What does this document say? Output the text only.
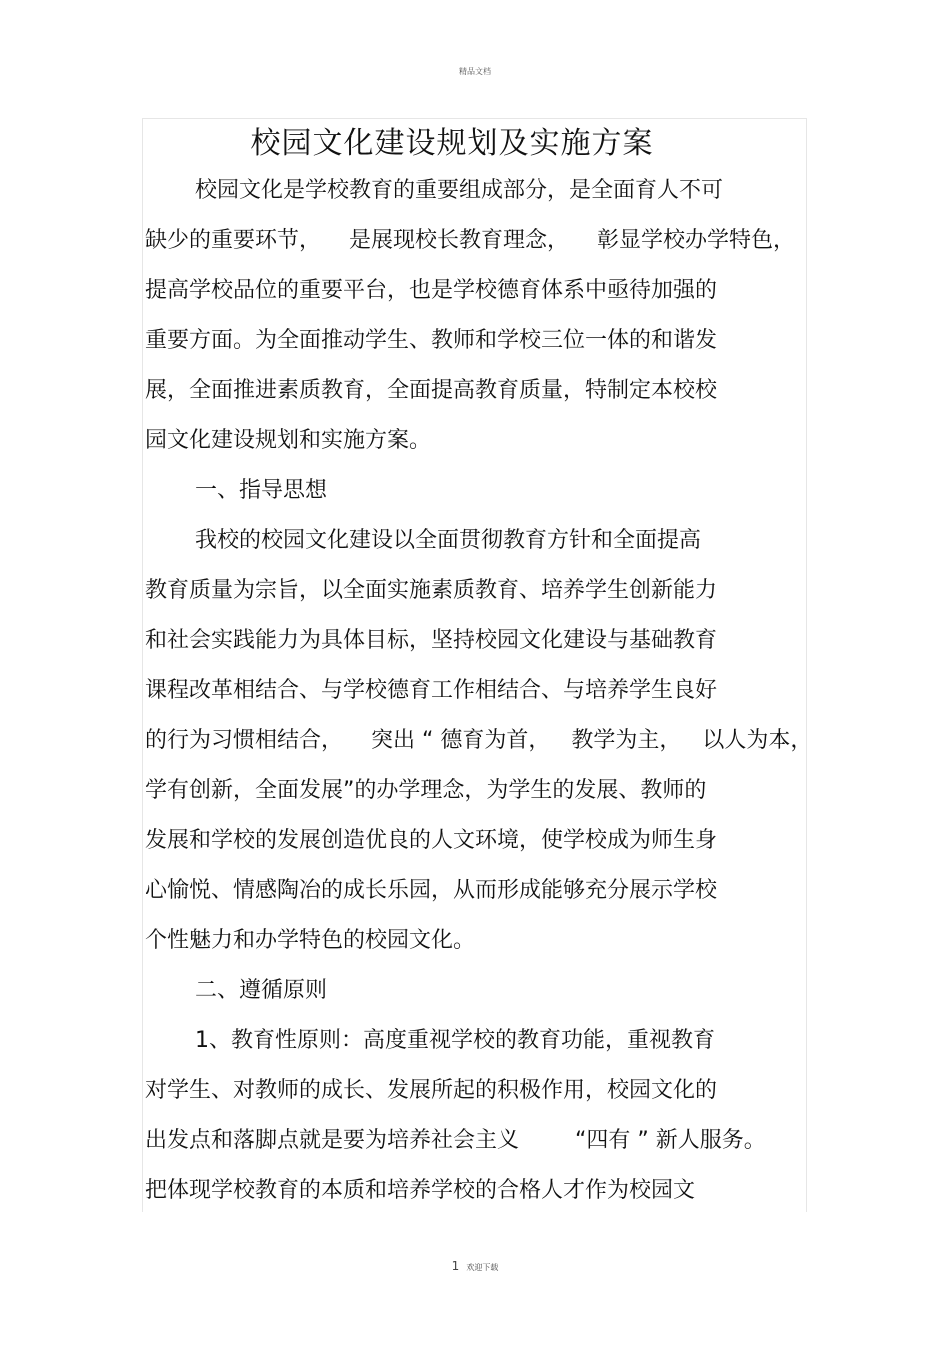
精品文档
校园文化建设规划及实施方案
校园文化是学校教育的重要组成部分，是全面育人不可
缺少的重要环节，    是展现校长教育理念，    彰显学校办学特色，
提高学校品位的重要平台，也是学校德育体系中亟待加强的
重要方面。为全面推动学生、教师和学校三位一体的和谐发
展，全面推进素质教育，全面提高教育质量，特制定本校校
园文化建设规划和实施方案。
一、指导思想
我校的校园文化建设以全面贯彻教育方针和全面提高
教育质量为宗旨，以全面实施素质教育、培养学生创新能力
和社会实践能力为具体目标，坚持校园文化建设与基础教育
课程改革相结合、与学校德育工作相结合、与培养学生良好
的行为习惯相结合，    突出 “ 德育为首，   教学为主，   以人为本，
学有创新，全面发展”的办学理念，为学生的发展、教师的
发展和学校的发展创造优良的人文环境，使学校成为师生身
心愉悦、情感陶冶的成长乐园，从而形成能够充分展示学校
个性魅力和办学特色的校园文化。
二、遵循原则
1、教育性原则：高度重视学校的教育功能，重视教育
对学生、对教师的成长、发展所起的积极作用，校园文化的
出发点和落脚点就是要为培养社会主义        “四有 ” 新人服务。
把体现学校教育的本质和培养学校的合格人才作为校园文
1 欢迎下载
